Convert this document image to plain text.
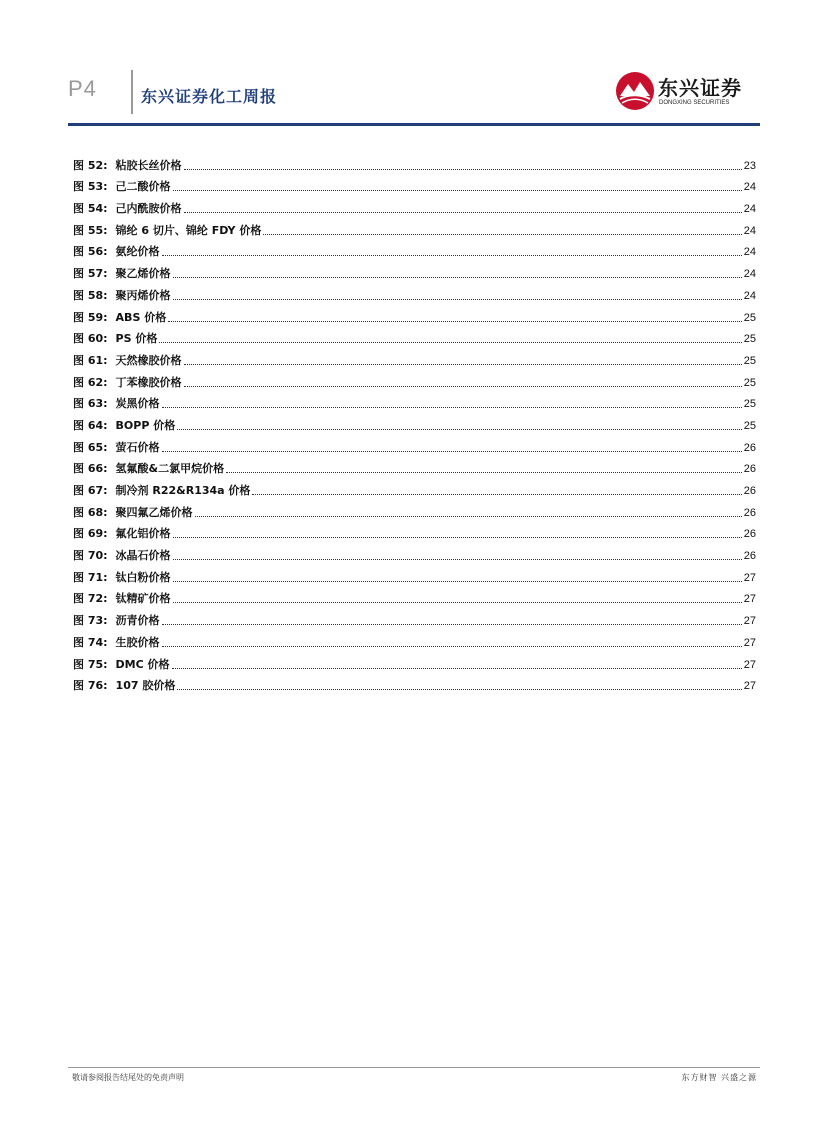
P4	东兴证券化工周报	东兴证券
DONGXING SECURITIES
图 52: 粘胶长丝价格	23
图 53: 己二酸价格	24
图 54: 己内酰胺价格	24
图 55: 锦纶 6 切片、锦纶 FDY 价格	24
图 56: 氨纶价格	24
图 57: 聚乙烯价格	24
图 58: 聚丙烯价格	24
图 59: ABS 价格	25
图 60: PS 价格	25
图 61: 天然橡胶价格	25
图 62: 丁苯橡胶价格	25
图 63: 炭黑价格	25
图 64: BOPP 价格	25
图 65: 萤石价格	26
图 66: 氢氟酸&二氯甲烷价格	26
图 67: 制冷剂 R22&R134a 价格	26
图 68: 聚四氟乙烯价格	26
图 69: 氟化铝价格	26
图 70: 冰晶石价格	26
图 71: 钛白粉价格	27
图 72: 钛精矿价格	27
图 73: 沥青价格	27
图 74: 生胶价格	27
图 75: DMC 价格	27
图 76: 107 胶价格	27
敬请参阅报告结尾处的免责声明	东方财智 兴盛之源
